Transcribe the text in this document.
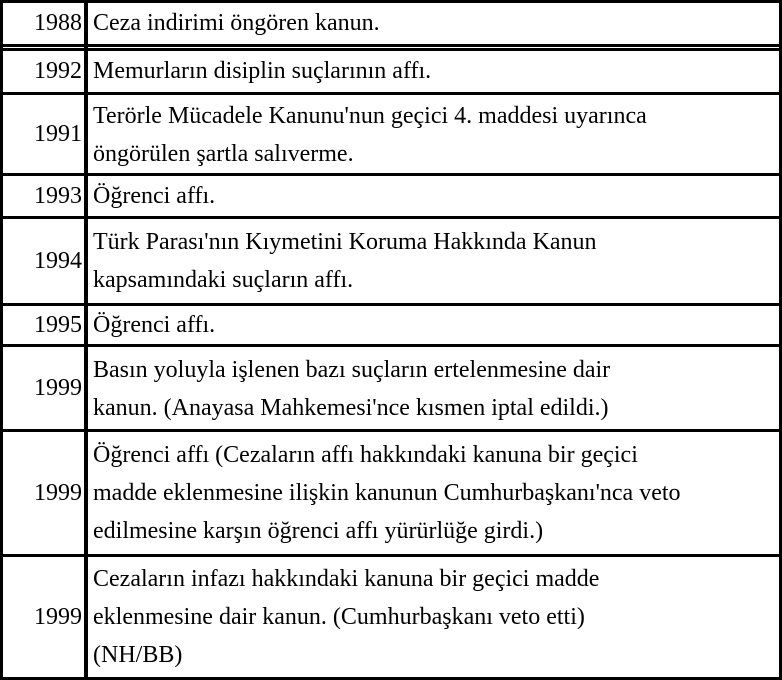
1988 Ceza indirimi öngören kanun.
1992 Memurların disiplin suçlarının affı.
1991
Terörle Mücadele Kanunu'nun geçici 4. maddesi uyarınca
öngörülen şartla salıverme.
1993 Öğrenci affı.
1994
Türk Parası'nın Kıymetini Koruma Hakkında Kanun
kapsamındaki suçların affı.
1995 Öğrenci affı.
1999
Basın yoluyla işlenen bazı suçların ertelenmesine dair
kanun. (Anayasa Mahkemesi'nce kısmen iptal edildi.)
1999
Öğrenci affı (Cezaların affı hakkındaki kanuna bir geçici
madde eklenmesine ilişkin kanunun Cumhurbaşkanı'nca veto
edilmesine karşın öğrenci affı yürürlüğe girdi.)
1999
Cezaların infazı hakkındaki kanuna bir geçici madde
eklenmesine dair kanun. (Cumhurbaşkanı veto etti)
(NH/BB)
